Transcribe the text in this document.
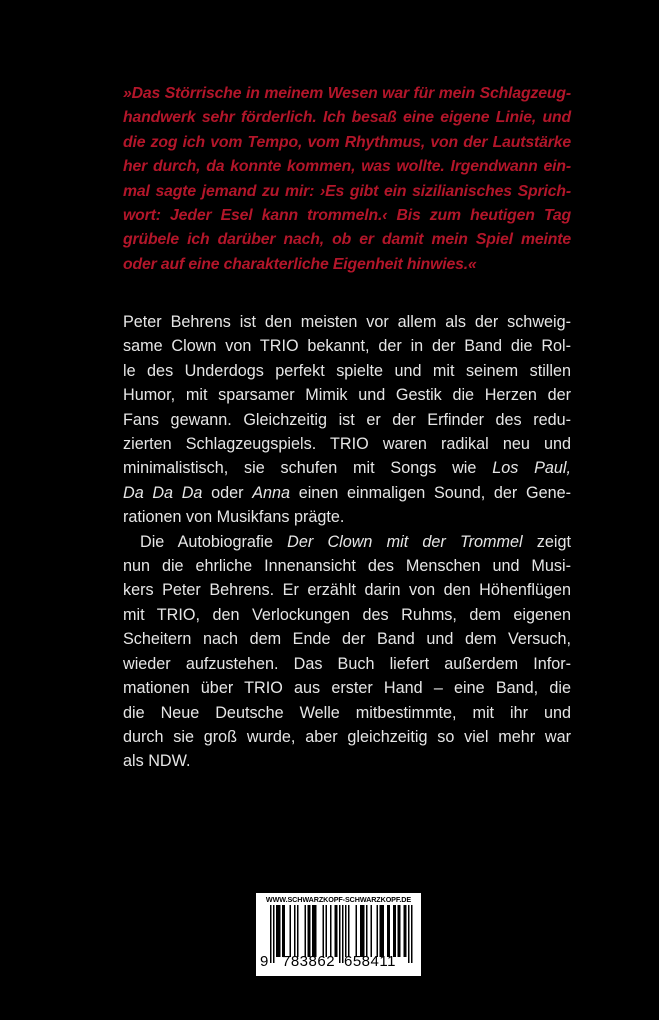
»Das Störrische in meinem Wesen war für mein Schlagzeug-
handwerk sehr förderlich. Ich besaß eine eigene Linie, und
die zog ich vom Tempo, vom Rhythmus, von der Lautstärke
her durch, da konnte kommen, was wollte. Irgendwann ein-
mal sagte jemand zu mir: ›Es gibt ein sizilianisches Sprich-
wort: Jeder Esel kann trommeln.‹ Bis zum heutigen Tag
grübele ich darüber nach, ob er damit mein Spiel meinte
oder auf eine charakterliche Eigenheit hinwies.«
Peter Behrens ist den meisten vor allem als der schweig-
same Clown von TRIO bekannt, der in der Band die Rol-
le des Underdogs perfekt spielte und mit seinem stillen
Humor, mit sparsamer Mimik und Gestik die Herzen der
Fans gewann. Gleichzeitig ist er der Erfinder des redu-
zierten Schlagzeugspiels. TRIO waren radikal neu und
minimalistisch, sie schufen mit Songs wie Los Paul,
Da Da Da oder Anna einen einmaligen Sound, der Gene-
rationen von Musikfans prägte.
Die Autobiografie Der Clown mit der Trommel zeigt
nun die ehrliche Innenansicht des Menschen und Musi-
kers Peter Behrens. Er erzählt darin von den Höhenflügen
mit TRIO, den Verlockungen des Ruhms, dem eigenen
Scheitern nach dem Ende der Band und dem Versuch,
wieder aufzustehen. Das Buch liefert außerdem Infor-
mationen über TRIO aus erster Hand – eine Band, die
die Neue Deutsche Welle mitbestimmte, mit ihr und
durch sie groß wurde, aber gleichzeitig so viel mehr war
als NDW.
WWW.SCHWARZKOPF-SCHWARZKOPF.DE
9 783862 658411
